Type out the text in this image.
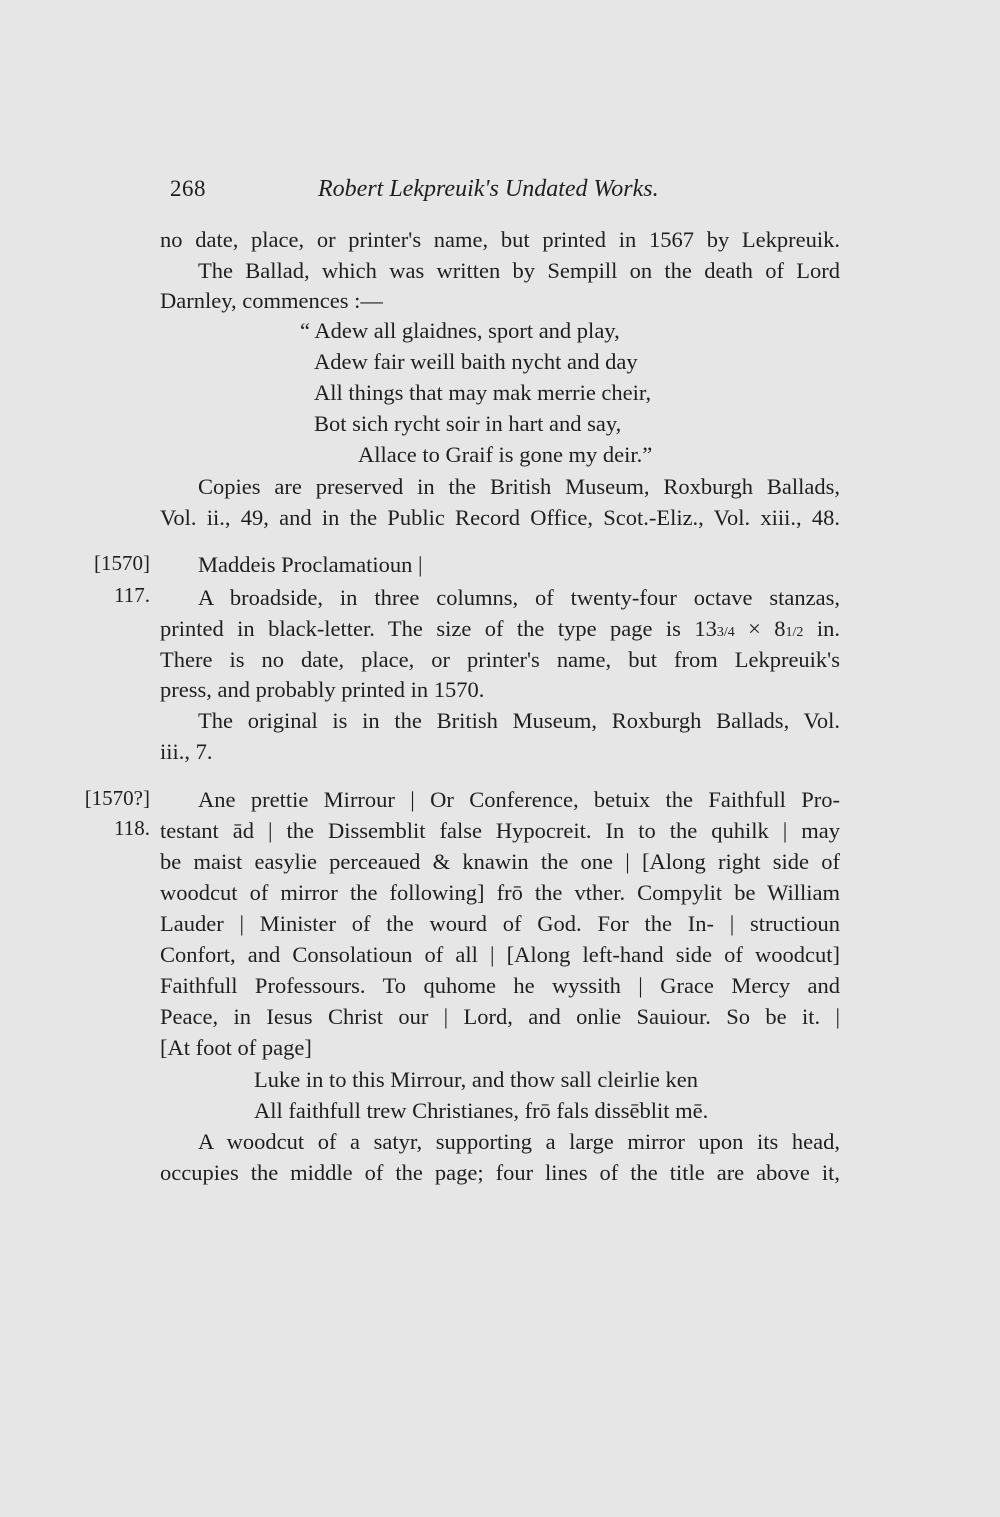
268	Robert Lekpreuik's Undated Works.
no date, place, or printer's name, but printed in 1567 by Lekpreuik.
The Ballad, which was written by Sempill on the death of Lord
Darnley, commences :—
“ Adew all glaidnes, sport and play,
Adew fair weill baith nycht and day
All things that may mak merrie cheir,
Bot sich rycht soir in hart and say,
Allace to Graif is gone my deir.”
Copies are preserved in the British Museum, Roxburgh Ballads,
Vol. ii., 49, and in the Public Record Office, Scot.-Eliz., Vol. xiii., 48.
[1570]
117.
Maddeis Proclamatioun |
A broadside, in three columns, of twenty-four octave stanzas,
printed in black-letter. The size of the type page is 133/4 × 81/2 in.
There is no date, place, or printer's name, but from Lekpreuik's
press, and probably printed in 1570.
The original is in the British Museum, Roxburgh Ballads, Vol.
iii., 7.
[1570?]
118.
Ane prettie Mirrour | Or Conference, betuix the Faithfull Pro-
testant ād | the Dissemblit false Hypocreit. In to the quhilk | may
be maist easylie perceaued & knawin the one | [Along right side of
woodcut of mirror the following] frō the vther. Compylit be William
Lauder | Minister of the wourd of God. For the In- | structioun
Confort, and Consolatioun of all | [Along left-hand side of woodcut]
Faithfull Professours. To quhome he wyssith | Grace Mercy and
Peace, in Iesus Christ our | Lord, and onlie Sauiour. So be it. |
[At foot of page]
Luke in to this Mirrour, and thow sall cleirlie ken
All faithfull trew Christianes, frō fals dissēblit mē.
A woodcut of a satyr, supporting a large mirror upon its head,
occupies the middle of the page; four lines of the title are above it,
